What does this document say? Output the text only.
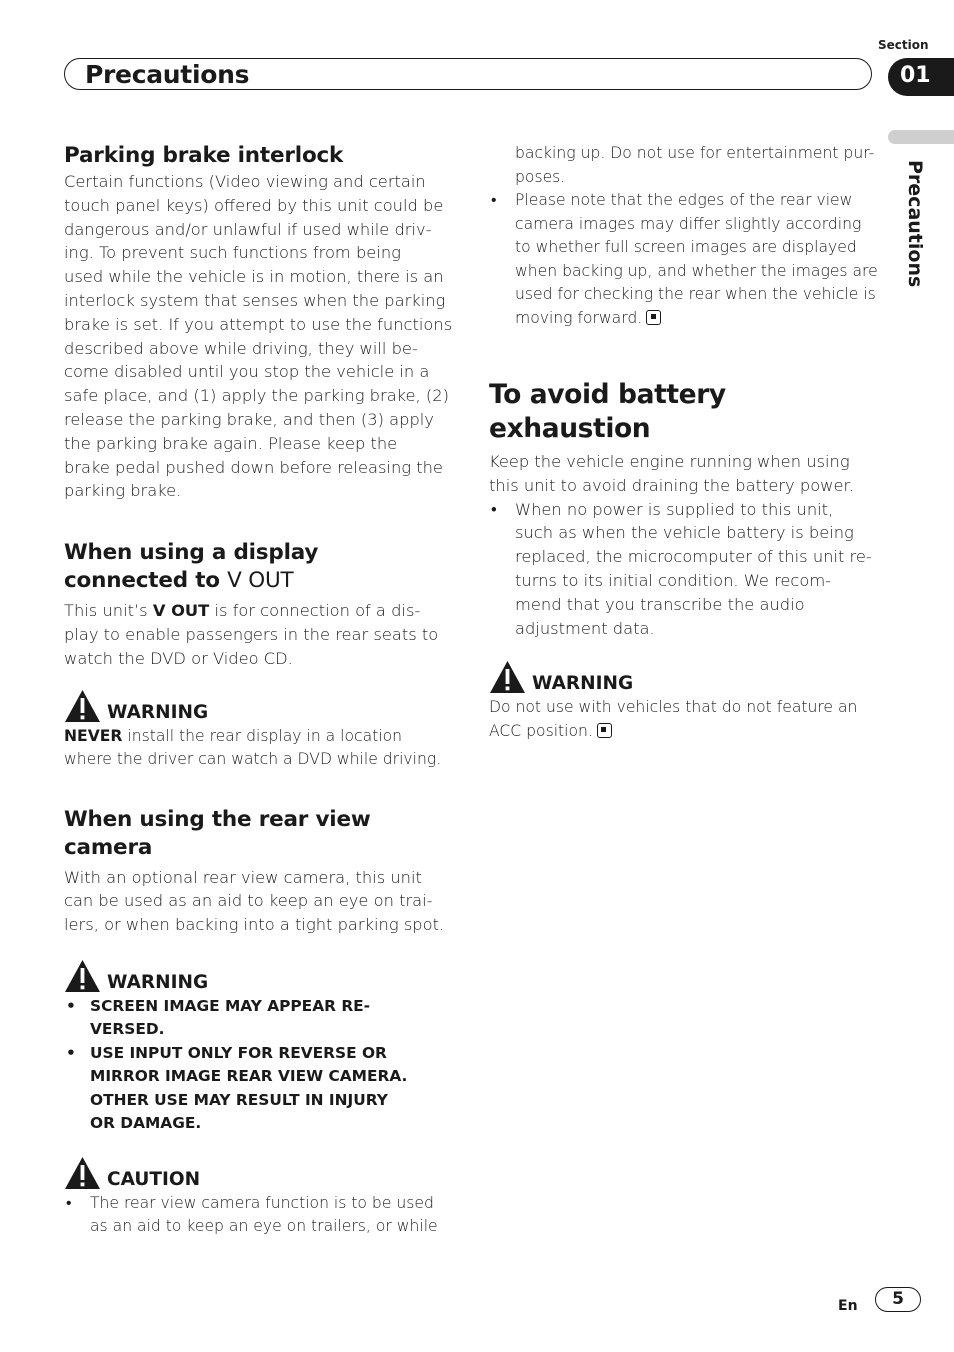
Section
Precautions	01
Precautions
Parking brake interlock

Certain functions (Video viewing and certain
touch panel keys) offered by this unit could be
dangerous and/or unlawful if used while driv-
ing. To prevent such functions from being
used while the vehicle is in motion, there is an
interlock system that senses when the parking
brake is set. If you attempt to use the functions
described above while driving, they will be-
come disabled until you stop the vehicle in a
safe place, and (1) apply the parking brake, (2)
release the parking brake, and then (3) apply
the parking brake again. Please keep the
brake pedal pushed down before releasing the
parking brake.

When using a display
connected to V OUT

This unit’s V OUT is for connection of a dis-
play to enable passengers in the rear seats to
watch the DVD or Video CD.

WARNING

NEVER install the rear display in a location
where the driver can watch a DVD while driving.

When using the rear view camera

With an optional rear view camera, this unit
can be used as an aid to keep an eye on trai-
lers, or when backing into a tight parking spot.

WARNING
• SCREEN IMAGE MAY APPEAR RE-
VERSED.
• USE INPUT ONLY FOR REVERSE OR
MIRROR IMAGE REAR VIEW CAMERA.
OTHER USE MAY RESULT IN INJURY
OR DAMAGE.
CAUTION
• The rear view camera function is to be used
as an aid to keep an eye on trailers, or while
backing up. Do not use for entertainment pur-
poses.
• Please note that the edges of the rear view
camera images may differ slightly according
to whether full screen images are displayed
when backing up, and whether the images are
used for checking the rear when the vehicle is
moving forward.
To avoid battery exhaustion

Keep the vehicle engine running when using
this unit to avoid draining the battery power.

• When no power is supplied to this unit,
such as when the vehicle battery is being
replaced, the microcomputer of this unit re-
turns to its initial condition. We recom-
mend that you transcribe the audio
adjustment data.
WARNING

Do not use with vehicles that do not feature an
ACC position.

En	5
